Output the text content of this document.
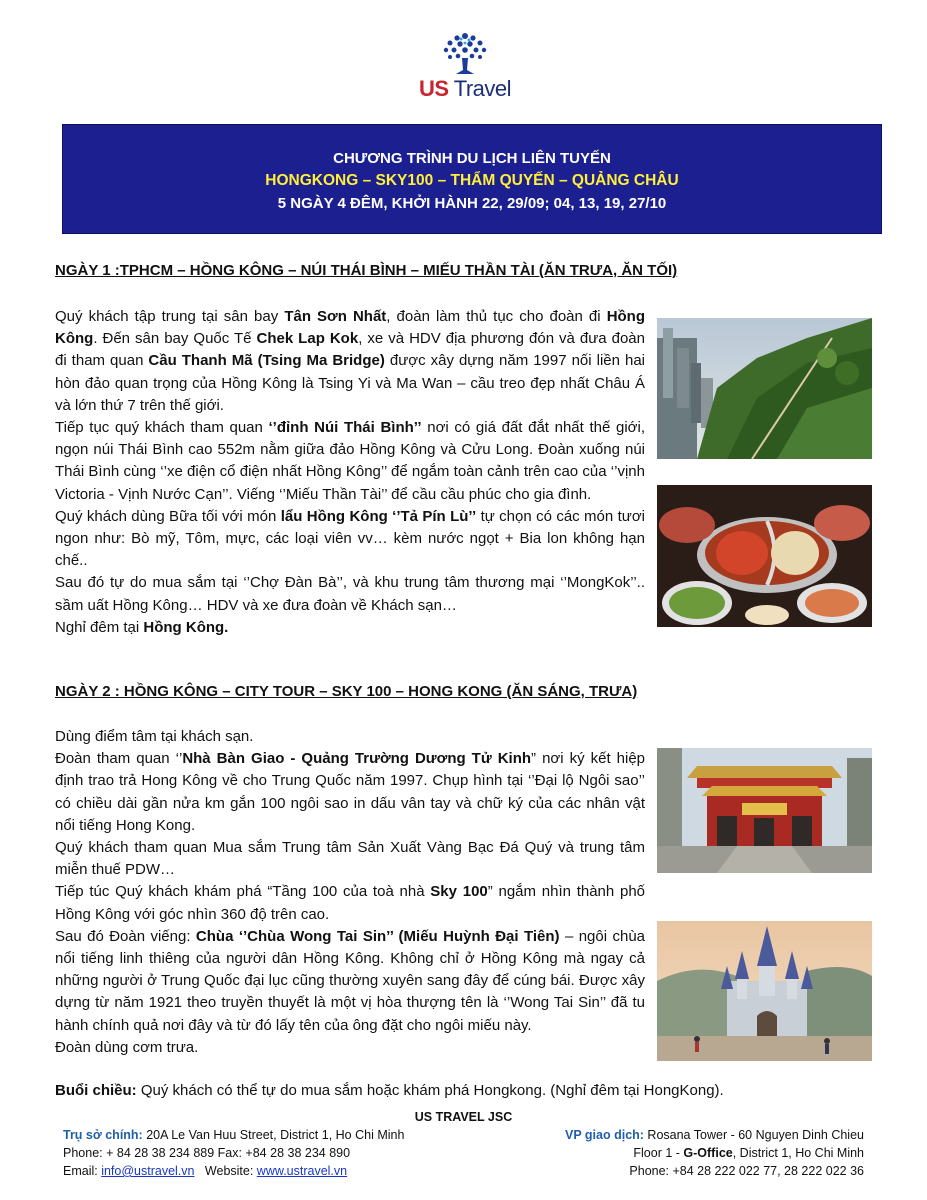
US Travel
CHƯƠNG TRÌNH DU LỊCH LIÊN TUYẾN
HONGKONG – SKY100 – THẨM QUYẾN – QUẢNG CHÂU
5 NGÀY 4 ĐÊM, KHỞI HÀNH 22, 29/09; 04, 13, 19, 27/10
NGÀY 1 :TPHCM – HỒNG KÔNG – NÚI THÁI BÌNH – MIẾU THẦN TÀI (ĂN TRƯA, ĂN TỐI)

Quý khách tập trung tại sân bay Tân Sơn Nhất, đoàn làm thủ tục cho đoàn đi Hồng Kông. Đến sân bay Quốc Tế Chek Lap Kok, xe và HDV địa phương đón và đưa đoàn đi tham quan Cầu Thanh Mã (Tsing Ma Bridge) được xây dựng năm 1997 nối liền hai hòn đảo quan trọng của Hồng Kông là Tsing Yi và Ma Wan – cầu treo đẹp nhất Châu Á và lớn thứ 7 trên thế giới.

Tiếp tục quý khách tham quan ‘’đỉnh Núi Thái Bình’’ nơi có giá đất đắt nhất thế giới, ngọn núi Thái Bình cao 552m nằm giữa đảo Hồng Kông và Cửu Long. Đoàn xuống núi Thái Bình cùng ‘’xe điện cổ điện nhất Hồng Kông’’ để ngắm toàn cảnh trên cao của ‘’vịnh Victoria - Vịnh Nước Cạn’’. Viếng ‘’Miếu Thần Tài’’ để cầu cầu phúc cho gia đình.

Quý khách dùng Bữa tối với món lẩu Hồng Kông ‘’Tả Pín Lù’’ tự chọn có các món tươi ngon như: Bò mỹ, Tôm, mực, các loại viên vv… kèm nước ngọt + Bia lon không hạn chế..

Sau đó tự do mua sắm tại ‘’Chợ Đàn Bà’’, và khu trung tâm thương mại ‘’MongKok’’.. sầm uất Hồng Kông… HDV và xe đưa đoàn về Khách sạn…

Nghỉ đêm tại Hồng Kông.

NGÀY 2 : HỒNG KÔNG – CITY TOUR – SKY 100 – HONG KONG (ĂN SÁNG, TRƯA)

Dùng điểm tâm tại khách sạn.

Đoàn tham quan ‘’Nhà Bàn Giao - Quảng Trường Dương Tử Kinh” nơi ký kết hiệp định trao trả Hong Kông về cho Trung Quốc năm 1997. Chụp hình tại ‘’Đại lộ Ngôi sao’’ có chiều dài gần nửa km gắn 100 ngôi sao in dấu vân tay và chữ ký của các nhân vật nổi tiếng Hong Kong.

Quý khách tham quan Mua sắm Trung tâm Sản Xuất Vàng Bạc Đá Quý và trung tâm miễn thuế PDW…

Tiếp túc Quý khách khám phá “Tầng 100 của toà nhà Sky 100” ngắm nhìn thành phố Hồng Kông với góc nhìn 360 độ trên cao.

Sau đó Đoàn viếng: Chùa ‘’Chùa Wong Tai Sin’’ (Miếu Huỳnh Đại Tiên) – ngôi chùa nổi tiếng linh thiêng của người dân Hồng Kông. Không chỉ ở Hồng Kông mà ngay cả những người ở Trung Quốc đại lục cũng thường xuyên sang đây để cúng bái. Được xây dựng từ năm 1921 theo truyền thuyết là một vị hòa thượng tên là ‘’Wong Tai Sin’’ đã tu hành chính quả nơi đây và từ đó lấy tên của ông đặt cho ngôi miếu này.

Đoàn dùng cơm trưa.

Buổi chiều: Quý khách có thể tự do mua sắm hoặc khám phá Hongkong. (Nghỉ đêm tại HongKong).

US TRAVEL JSC
Trụ sở chính: 20A Le Van Huu Street, District 1, Ho Chi Minh
Phone: + 84 28 38 234 889 Fax: +84 28 38 234 890
Email: info@ustravel.vn   Website: www.ustravel.vn
VP giao dịch: Rosana Tower - 60 Nguyen Dinh Chieu
Floor 1 - G-Office, District 1, Ho Chi Minh
Phone: +84 28 222 022 77, 28 222 022 36
